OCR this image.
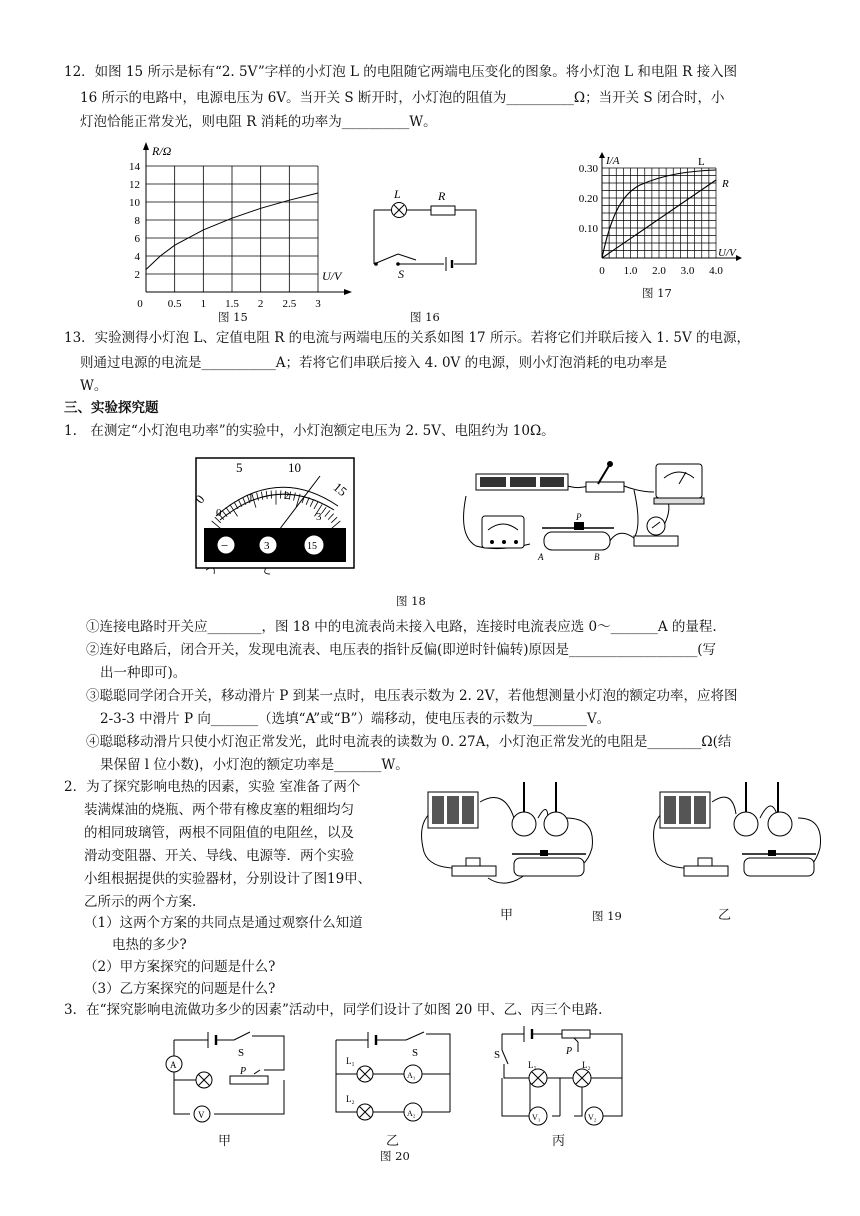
12．如图 15 所示是标有“2. 5V”字样的小灯泡 L 的电阻随它两端电压变化的图象。将小灯泡 L 和电阻 R 接入图
16 所示的电路中，电源电压为 6V。当开关 S 断开时，小灯泡的阻值为__________Ω；当开关 S 闭合时，小
灯泡恰能正常发光，则电阻 R 消耗的功率为__________W。
R/Ω
U/V
14
12
10
8
6
4
2
0 0.5 1 1.5 2 2.5 3
图 15
L	R
S
图 16
I/A
U/V
L
R
0.30
0.20
0.10
0 1.0 2.0 3.0 4.0
图 17
13．实验测得小灯泡 L、定值电阻 R 的电流与两端电压的关系如图 17 所示。若将它们并联后接入 1. 5V 的电源，
则通过电源的电流是___________A；若将它们串联后接入 4. 0V 的电源，则小灯泡消耗的电功率是
W。
三、实验探究题
1.　在测定“小灯泡电功率”的实验中，小灯泡额定电压为 2. 5V、电阻约为 10Ω。
0
5	10
15
0
1	2
3
−	3	15
P
A	B
图 18
①连接电路时开关应________，图 18 中的电流表尚未接入电路，连接时电流表应选 0～_______A 的量程.
②连好电路后，闭合开关，发现电流表、电压表的指针反偏(即逆时针偏转)原因是___________________(写
出一种即可)。
③聪聪同学闭合开关，移动滑片 P 到某一点时，电压表示数为 2. 2V，若他想测量小灯泡的额定功率，应将图
2-3-3 中滑片 P 向_______（选填“A”或“B”）端移动，使电压表的示数为________V。
④聪聪移动滑片只使小灯泡正常发光，此时电流表的读数为 0. 27A，小灯泡正常发光的电阻是________Ω(结
果保留 l 位小数)，小灯泡的额定功率是_______W。
2．为了探究影响电热的因素，实验 室准备了两个
装满煤油的烧瓶、两个带有橡皮塞的粗细均匀
的相同玻璃管，两根不同阻值的电阻丝，以及
滑动变阻器、开关、导线、电源等．两个实验
小组根据提供的实验器材，分别设计了图19甲、
乙所示的两个方案.
（1）这两个方案的共同点是通过观察什么知道
电热的多少?
（2）甲方案探究的问题是什么?
（3）乙方案探究的问题是什么?
甲	图 19	乙
3．在“探究影响电流做功多少的因素”活动中，同学们设计了如图 20 甲、乙、丙三个电路.
S
A
P
V
甲
S
L₁
L₂
A₁
A₂
乙
图 20
S	P
L₁	L₂
V₁	V₂
丙
